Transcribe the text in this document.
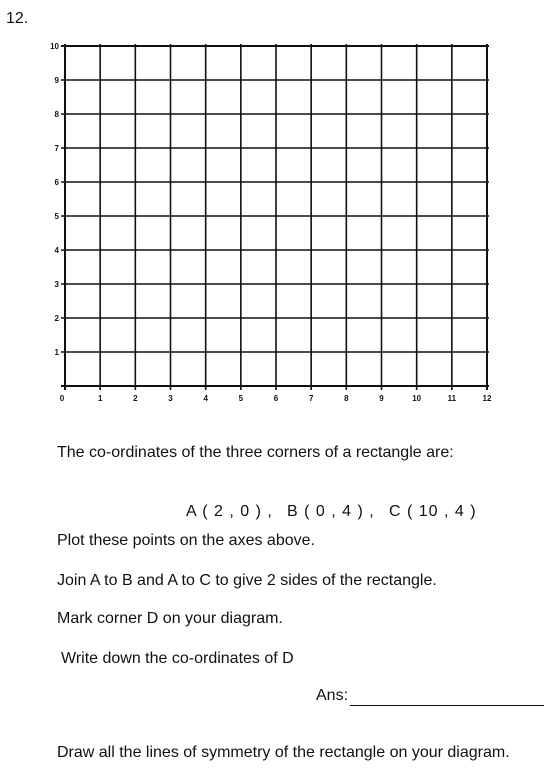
12.
0	1	2	3	4	5	6	7	8	9	10	11	12
1
2
3
4
5
6
7
8
9
10
The co-ordinates of the three corners of a rectangle are:
A ( 2 , 0 ) , B ( 0 , 4 ) , C ( 10 , 4 )
Plot these points on the axes above.
Join A to B and A to C to give 2 sides of the rectangle.
Mark corner D on your diagram.
Write down the co-ordinates of D
Ans:
Draw all the lines of symmetry of the rectangle on your diagram.
